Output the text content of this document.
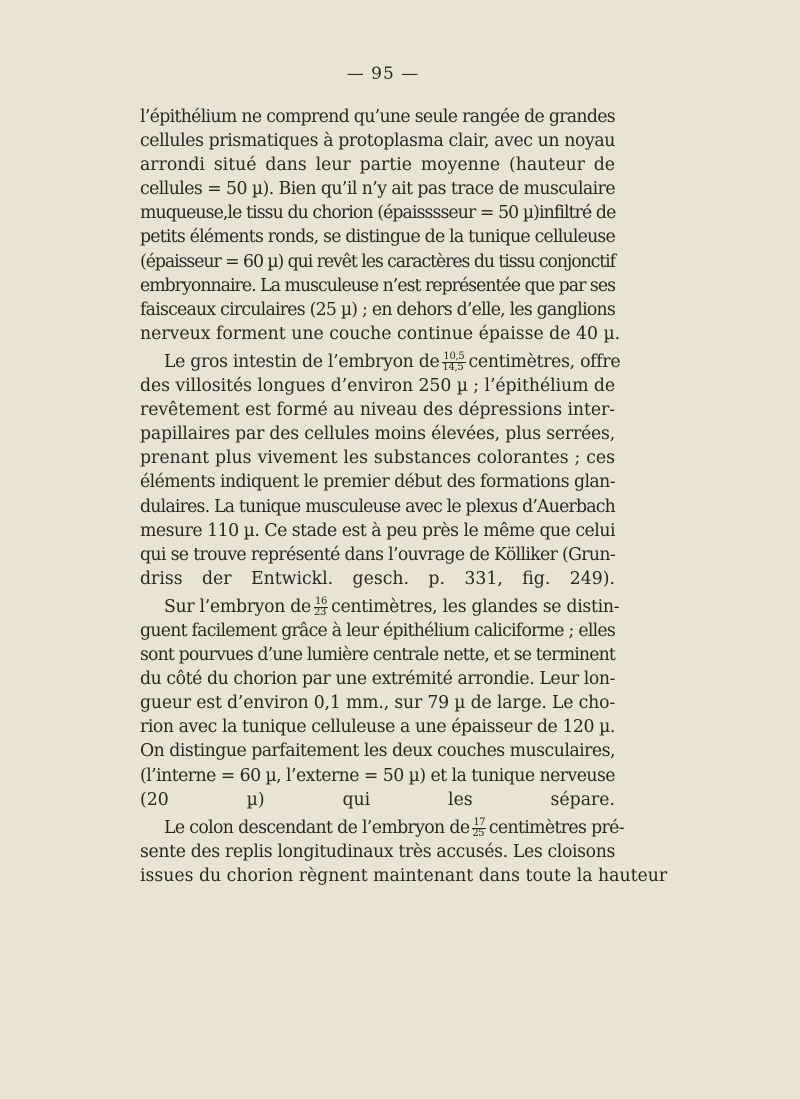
— 95 —
l’épithélium ne comprend qu’une seule rangée de grandes
cellules prismatiques à protoplasma clair, avec un noyau
arrondi situé dans leur partie moyenne (hauteur de
cellules = 50 µ). Bien qu’il n’y ait pas trace de musculaire
muqueuse,le tissu du chorion (épaisssseur = 50 µ)infiltré de
petits éléments ronds, se distingue de la tunique celluleuse
(épaisseur = 60 µ) qui revêt les caractères du tissu conjonctif
embryonnaire. La musculeuse n’est représentée que par ses
faisceaux circulaires (25 µ) ; en dehors d’elle, les ganglions
nerveux forment une couche continue épaisse de 40 µ.
Le gros intestin de l’embryon de $\frac{10,5}{14,5}$ centimètres, offre
des villosités longues d’environ 250 µ ; l’épithélium de
revêtement est formé au niveau des dépressions inter-
papillaires par des cellules moins élevées, plus serrées,
prenant plus vivement les substances colorantes ; ces
éléments indiquent le premier début des formations glan-
dulaires. La tunique musculeuse avec le plexus d’Auerbach
mesure 110 µ. Ce stade est à peu près le même que celui
qui se trouve représenté dans l’ouvrage de Kölliker (Grun-
driss der Entwickl. gesch. p. 331, fig. 249).
Sur l’embryon de $\frac{16}{23}$ centimètres, les glandes se distin-
guent facilement grâce à leur épithélium caliciforme ; elles
sont pourvues d’une lumière centrale nette, et se terminent
du côté du chorion par une extrémité arrondie. Leur lon-
gueur est d’environ 0,1 mm., sur 79 µ de large. Le cho-
rion avec la tunique celluleuse a une épaisseur de 120 µ.
On distingue parfaitement les deux couches musculaires,
(l’interne = 60 µ, l’externe = 50 µ) et la tunique nerveuse
(20 µ) qui les sépare.
Le colon descendant de l’embryon de $\frac{17}{25}$ centimètres pré-
sente des replis longitudinaux très accusés. Les cloisons
issues du chorion règnent maintenant dans toute la hauteur
